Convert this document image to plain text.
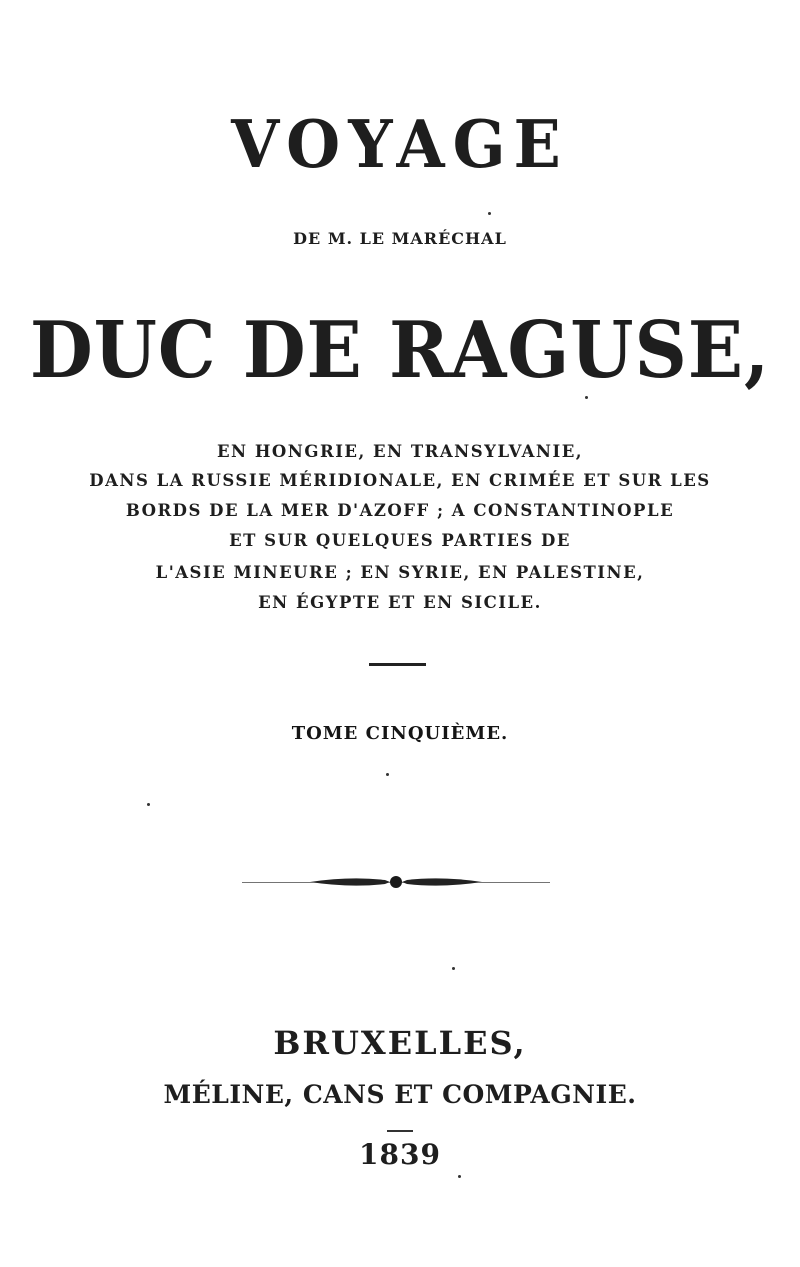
VOYAGE

DE M. LE MARÉCHAL

DUC DE RAGUSE,

EN HONGRIE, EN TRANSYLVANIE,

DANS LA RUSSIE MÉRIDIONALE, EN CRIMÉE ET SUR LES

BORDS DE LA MER D'AZOFF ; A CONSTANTINOPLE

ET SUR QUELQUES PARTIES DE

L'ASIE MINEURE ; EN SYRIE, EN PALESTINE,

EN ÉGYPTE ET EN SICILE.

TOME CINQUIÈME.

BRUXELLES,

MÉLINE, CANS ET COMPAGNIE.

1839
